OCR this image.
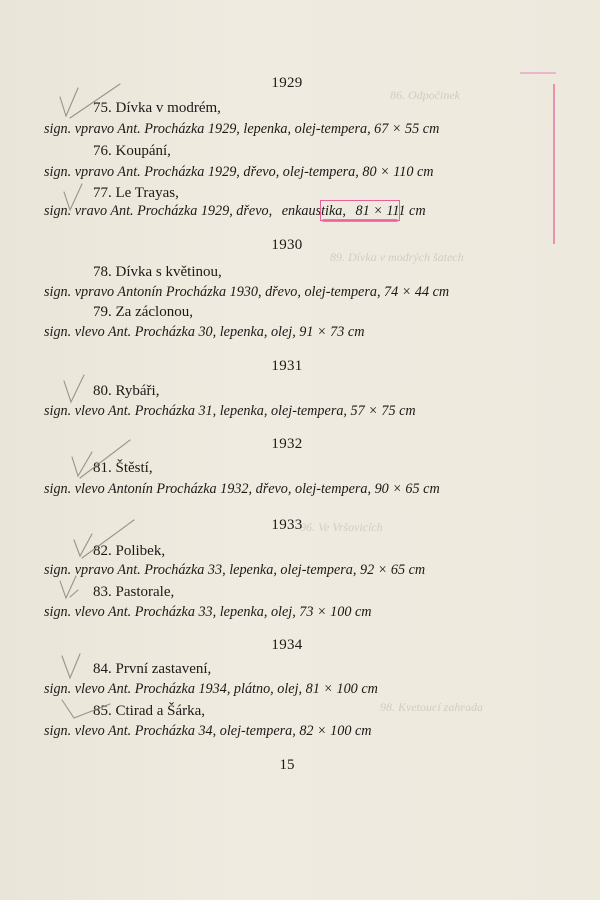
86. Odpočinek
89. Dívka v modrých šatech
96. Ve Vršovicích
98. Kvetoucí zahrada
1929
75. Dívka v modrém,
sign. vpravo Ant. Procházka 1929, lepenka, olej-tempera, 67 × 55 cm
76. Koupání,
sign. vpravo Ant. Procházka 1929, dřevo, olej-tempera, 80 × 110 cm
77. Le Trayas,
sign. vravo Ant. Procházka 1929, dřevo, enkaustika, 81 × 111 cm
1930
78. Dívka s květinou,
sign. vpravo Antonín Procházka 1930, dřevo, olej-tempera, 74 × 44 cm
79. Za záclonou,
sign. vlevo Ant. Procházka 30, lepenka, olej, 91 × 73 cm
1931
80. Rybáři,
sign. vlevo Ant. Procházka 31, lepenka, olej-tempera, 57 × 75 cm
1932
81. Štěstí,
sign. vlevo Antonín Procházka 1932, dřevo, olej-tempera, 90 × 65 cm
1933
82. Polibek,
sign. vpravo Ant. Procházka 33, lepenka, olej-tempera, 92 × 65 cm
83. Pastorale,
sign. vlevo Ant. Procházka 33, lepenka, olej, 73 × 100 cm
1934
84. První zastavení,
sign. vlevo Ant. Procházka 1934, plátno, olej, 81 × 100 cm
85. Ctirad a Šárka,
sign. vlevo Ant. Procházka 34, olej-tempera, 82 × 100 cm
15
